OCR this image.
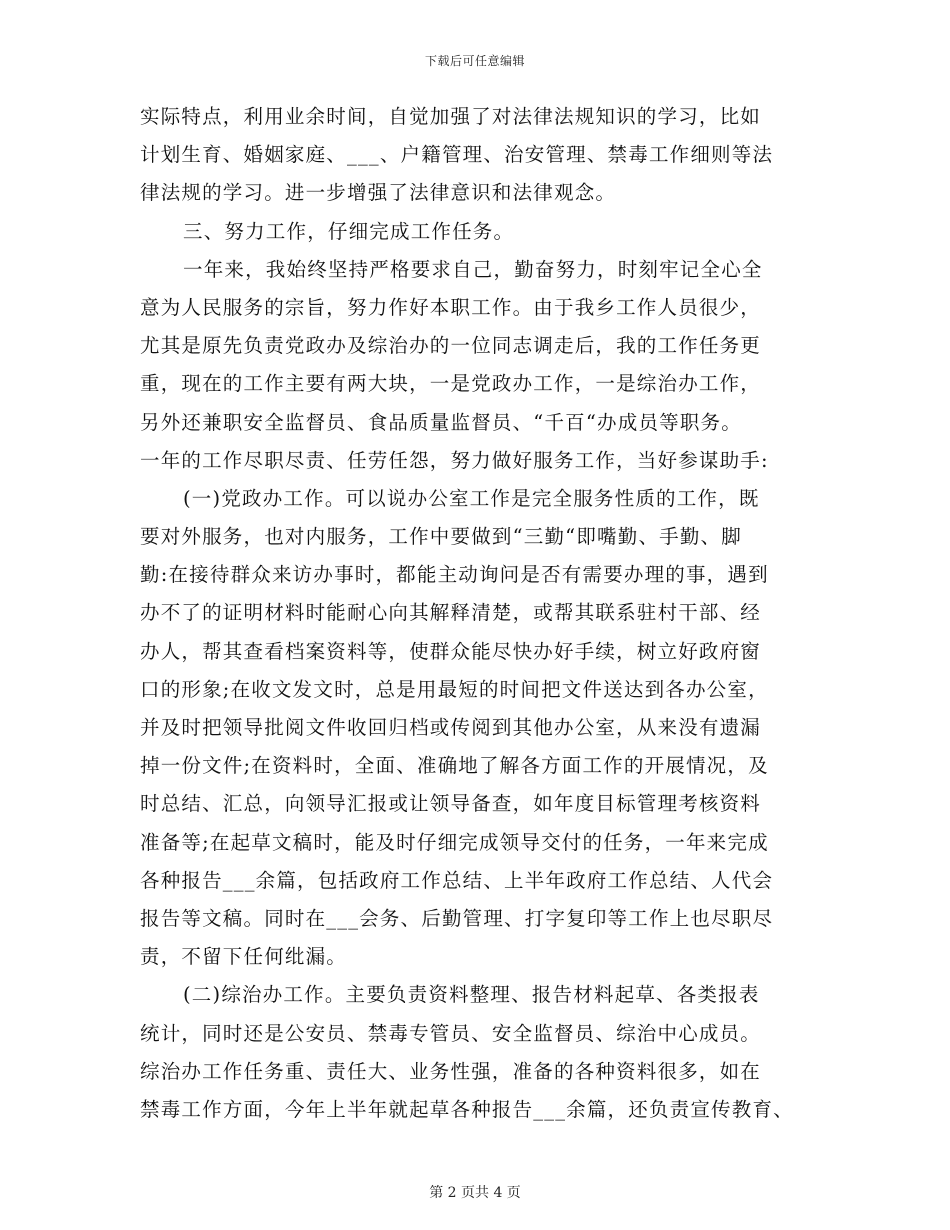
下载后可任意编辑
实际特点，利用业余时间，自觉加强了对法律法规知识的学习，比如
计划生育、婚姻家庭、___、户籍管理、治安管理、禁毒工作细则等法
律法规的学习。进一步增强了法律意识和法律观念。
三、努力工作，仔细完成工作任务。
一年来，我始终坚持严格要求自己，勤奋努力，时刻牢记全心全
意为人民服务的宗旨，努力作好本职工作。由于我乡工作人员很少，
尤其是原先负责党政办及综治办的一位同志调走后，我的工作任务更
重，现在的工作主要有两大块，一是党政办工作，一是综治办工作，
另外还兼职安全监督员、食品质量监督员、“千百“办成员等职务。
一年的工作尽职尽责、任劳任怨，努力做好服务工作，当好参谋助手:
(一)党政办工作。可以说办公室工作是完全服务性质的工作，既
要对外服务，也对内服务，工作中要做到“三勤“即嘴勤、手勤、脚
勤:在接待群众来访办事时，都能主动询问是否有需要办理的事，遇到
办不了的证明材料时能耐心向其解释清楚，或帮其联系驻村干部、经
办人，帮其查看档案资料等，使群众能尽快办好手续，树立好政府窗
口的形象;在收文发文时，总是用最短的时间把文件送达到各办公室，
并及时把领导批阅文件收回归档或传阅到其他办公室，从来没有遗漏
掉一份文件;在资料时，全面、准确地了解各方面工作的开展情况，及
时总结、汇总，向领导汇报或让领导备查，如年度目标管理考核资料
准备等;在起草文稿时，能及时仔细完成领导交付的任务，一年来完成
各种报告___余篇，包括政府工作总结、上半年政府工作总结、人代会
报告等文稿。同时在___会务、后勤管理、打字复印等工作上也尽职尽
责，不留下任何纰漏。
(二)综治办工作。主要负责资料整理、报告材料起草、各类报表
统计，同时还是公安员、禁毒专管员、安全监督员、综治中心成员。
综治办工作任务重、责任大、业务性强，准备的各种资料很多，如在
禁毒工作方面，今年上半年就起草各种报告___余篇，还负责宣传教育、
第 2 页共 4 页
